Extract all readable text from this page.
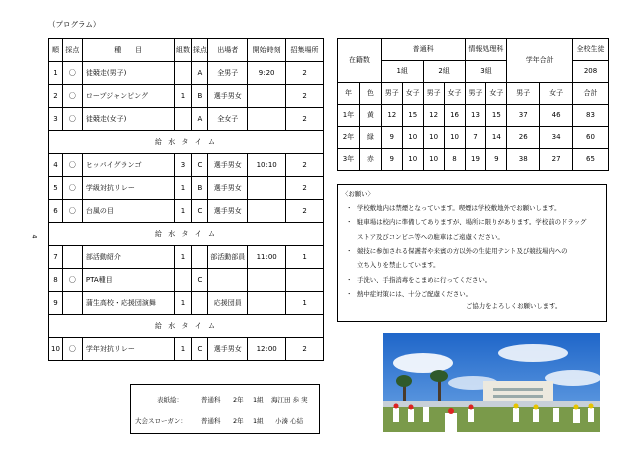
（プログラム）
4
順	採点	種　　目	組数	採点	出場者	開始時刻	招集場所
1	〇	徒競走(男子)		A	全男子	9:20	2
2	〇	ロープジャンピング	1	B	選手男女		2
3	〇	徒競走(女子)		A	全女子		2
給 水 タ イ ム							
4	〇	ヒッパイグランゴ	3	C	選手男女	10:10	2
5	〇	学級対抗リレー	1	B	選手男女		2
6	〇	台風の目	1	C	選手男女		2
給 水 タ イ ム							
7		部活動紹介	1		部活動部員	11:00	1
8	〇	PTA種目		C			
9		蒲生高校・応援団演舞	1		応援団員		1
給 水 タ イ ム							
10	〇	学年対抗リレー	1	C	選手男女	12:00	2
在籍数		普通科				情報処理科		学年合計		全校生徒
		1組		2組		3組				208
年	色	男子	女子	男子	女子	男子	女子	男子	女子	合計
1年	黄	12	15	12	16	13	15	37	46	83
2年	緑	9	10	10	10	7	14	26	34	60
3年	赤	9	10	10	8	19	9	38	27	65
〈お願い〉
・ 学校敷地内は禁煙となっています。喫煙は学校敷地外でお願いします。
・ 駐車場は校内に準備してありますが、場所に限りがあります。学校前のドラッグ
ストア及びコンビニ等への駐車はご遠慮ください。
・ 競技に参加される保護者や来賓の方以外の生徒用テント及び競技場内への
立ち入りを禁止しています。
・ 手洗い、手指消毒をこまめに行ってください。
・ 熱中症対策には、十分ご配慮ください。
ご協力をよろしくお願いします。
表紙絵：	普通科 2年 1組 海江田 歩 実
大会スローガン： 普通科 2年 1組 小湊 心結
